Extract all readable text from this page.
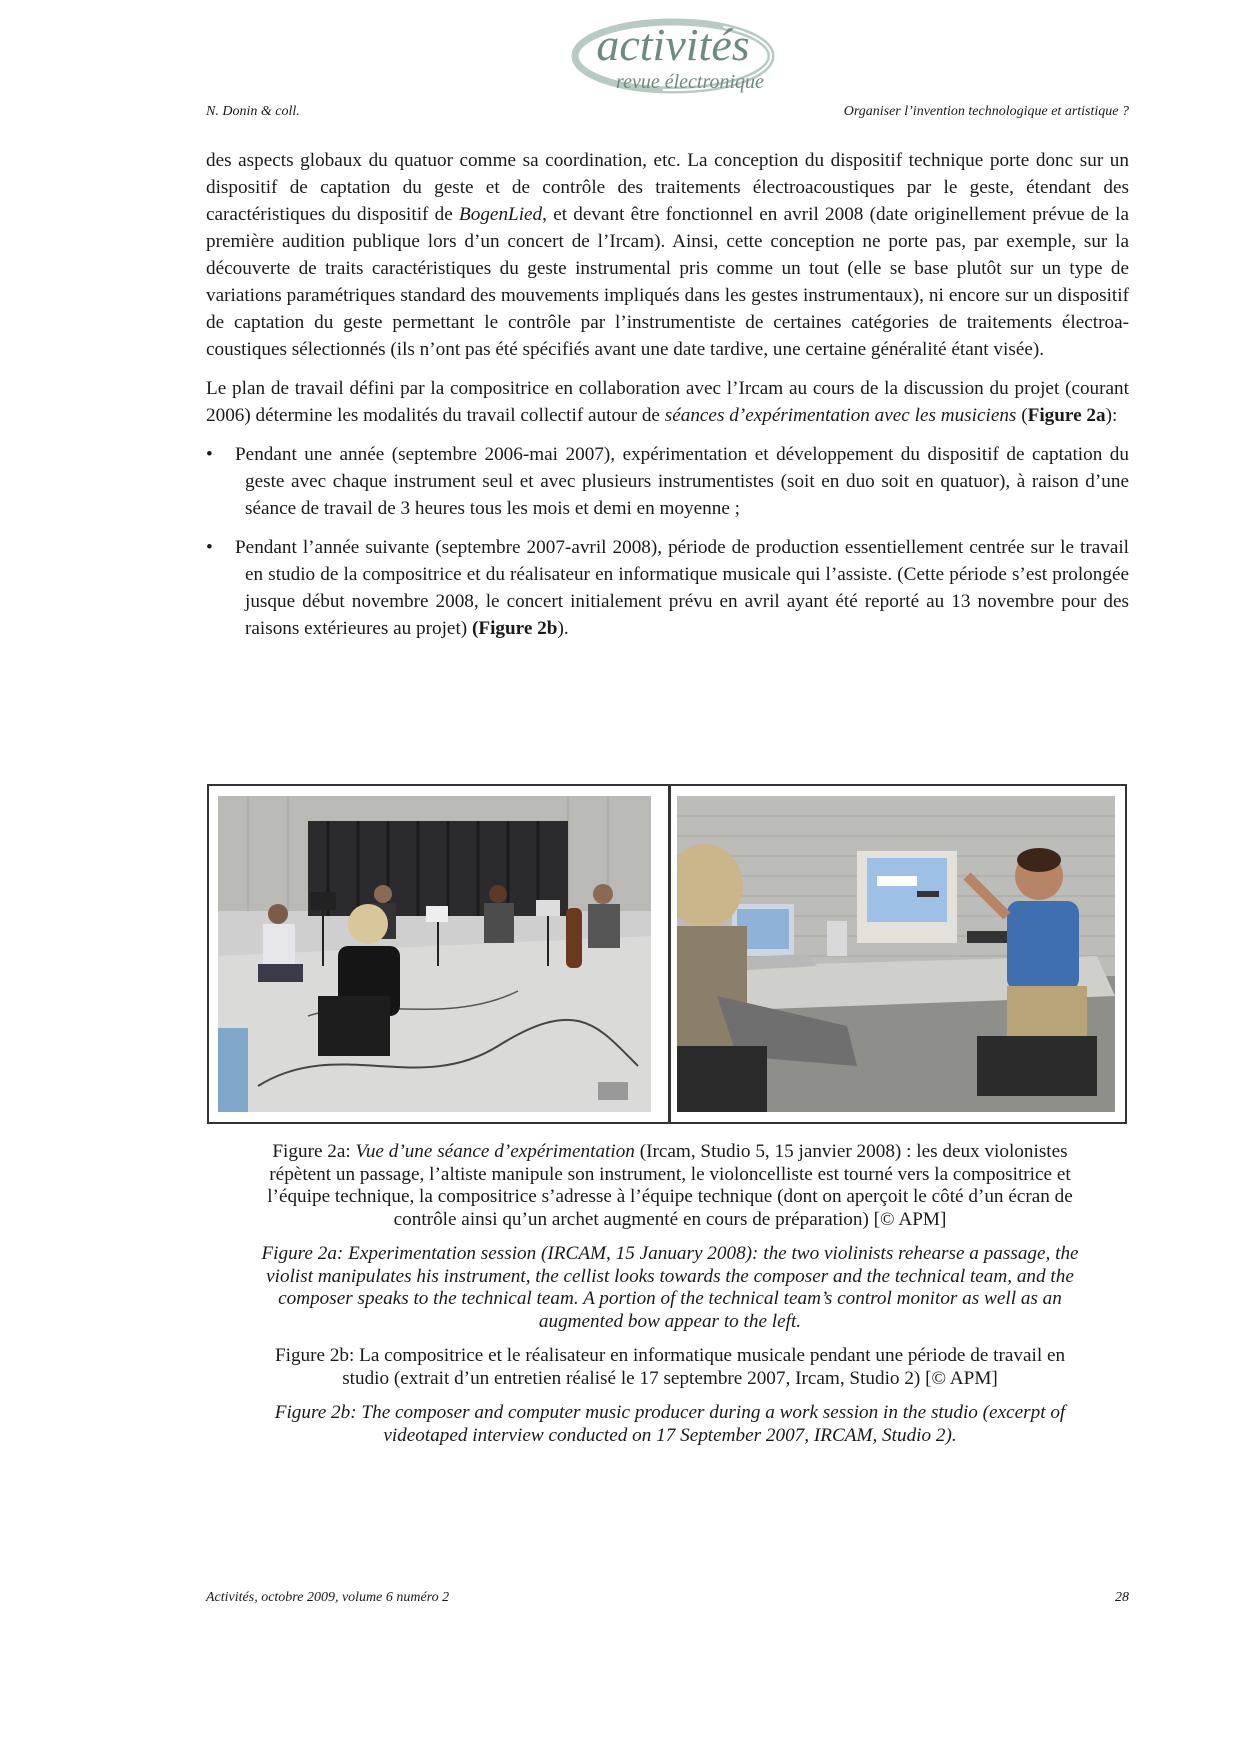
activités
revue électronique
N. Donin & coll.	Organiser l’invention technologique et artistique ?

des aspects globaux du quatuor comme sa coordination, etc. La conception du dispositif technique porte donc sur un dispositif de captation du geste et de contrôle des traitements électroacoustiques par le geste, étendant des caractéristiques du dispositif de BogenLied, et devant être fonctionnel en avril 2008 (date originellement prévue de la première audition publique lors d’un concert de l’Ircam). Ainsi, cette conception ne porte pas, par exemple, sur la découverte de traits caractéristiques du geste instrumental pris comme un tout (elle se base plutôt sur un type de variations paramétriques standard des mouvements impliqués dans les gestes instrumentaux), ni encore sur un dispositif de captation du geste permettant le contrôle par l’instrumentiste de certaines catégories de traitements électroacoustiques sélectionnés (ils n’ont pas été spécifiés avant une date tardive, une certaine généralité étant visée).

Le plan de travail défini par la compositrice en collaboration avec l’Ircam au cours de la discussion du projet (courant 2006) détermine les modalités du travail collectif autour de séances d’expérimentation avec les musiciens (Figure 2a):

• Pendant une année (septembre 2006-mai 2007), expérimentation et développement du dispositif de captation du geste avec chaque instrument seul et avec plusieurs instrumentistes (soit en duo soit en quatuor), à raison d’une séance de travail de 3 heures tous les mois et demi en moyenne ;
• Pendant l’année suivante (septembre 2007-avril 2008), période de production essentiellement centrée sur le travail en studio de la compositrice et du réalisateur en informatique musicale qui l’assiste. (Cette période s’est prolongée jusque début novembre 2008, le concert initialement prévu en avril ayant été reporté au 13 novembre pour des raisons extérieures au projet) (Figure 2b).

Figure 2a: Vue d’une séance d’expérimentation (Ircam, Studio 5, 15 janvier 2008) : les deux violonistes répètent un passage, l’altiste manipule son instrument, le violoncelliste est tourné vers la compositrice et l’équipe technique, la compositrice s’adresse à l’équipe technique (dont on aperçoit le côté d’un écran de contrôle ainsi qu’un archet augmenté en cours de préparation) [© APM]

Figure 2a: Experimentation session (IRCAM, 15 January 2008): the two violinists rehearse a passage, the violist manipulates his instrument, the cellist looks towards the composer and the technical team, and the composer speaks to the technical team. A portion of the technical team’s control monitor as well as an augmented bow appear to the left.

Figure 2b: La compositrice et le réalisateur en informatique musicale pendant une période de travail en studio (extrait d’un entretien réalisé le 17 septembre 2007, Ircam, Studio 2) [© APM]

Figure 2b: The composer and computer music producer during a work session in the studio (excerpt of videotaped interview conducted on 17 September 2007, IRCAM, Studio 2).

Activités, octobre 2009, volume 6 numéro 2	28
